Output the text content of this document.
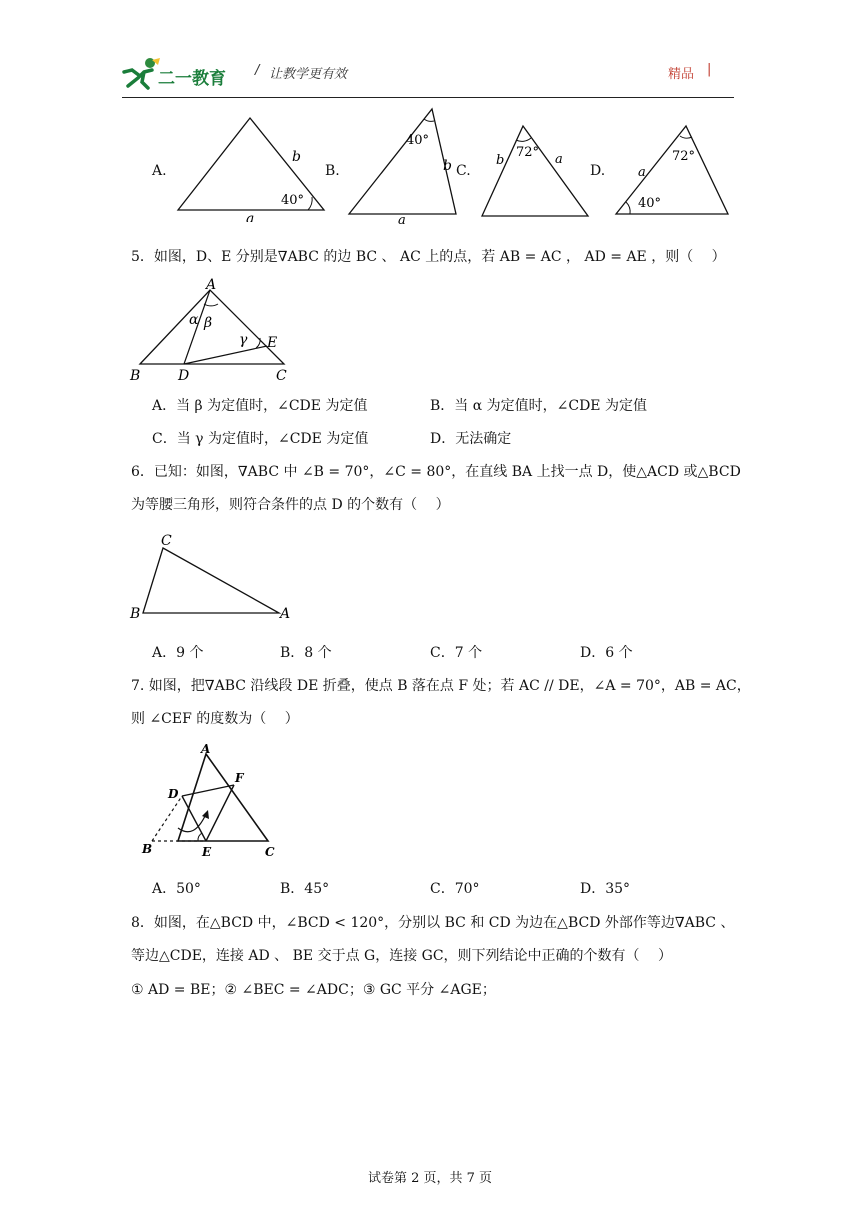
二一教育 / 让教学更有效	精品 |
A.
b
a
40°
B.
40°
b
a
C.
72°
b	a
D.
72°
a
40°
5．如图，D、E 分别是∇ABC 的边 BC 、 AC 上的点，若 AB = AC ， AD = AE ，则（　 ）
A
B	D	C
E
α β
γ
A．当 β 为定值时，∠CDE 为定值	B．当 α 为定值时，∠CDE 为定值
C．当 γ 为定值时，∠CDE 为定值	D．无法确定
6．已知：如图，∇ABC 中 ∠B = 70°，∠C = 80°，在直线 BA 上找一点 D，使△ACD 或△BCD
为等腰三角形，则符合条件的点 D 的个数有（　 ）
C
B	A
A．9 个	B．8 个	C．7 个	D．6 个
7. 如图，把∇ABC 沿线段 DE 折叠，使点 B 落在点 F 处；若 AC // DE，∠A = 70°，AB = AC，
则 ∠CEF 的度数为（　 ）
A
D
F
B	E	C
A．50°	B．45°	C．70°	D．35°
8．如图，在△BCD 中，∠BCD < 120°，分别以 BC 和 CD 为边在△BCD 外部作等边∇ABC 、
等边△CDE，连接 AD 、 BE 交于点 G，连接 GC，则下列结论中正确的个数有（　 ）
① AD = BE；② ∠BEC = ∠ADC；③ GC 平分 ∠AGE；
试卷第 2 页，共 7 页
